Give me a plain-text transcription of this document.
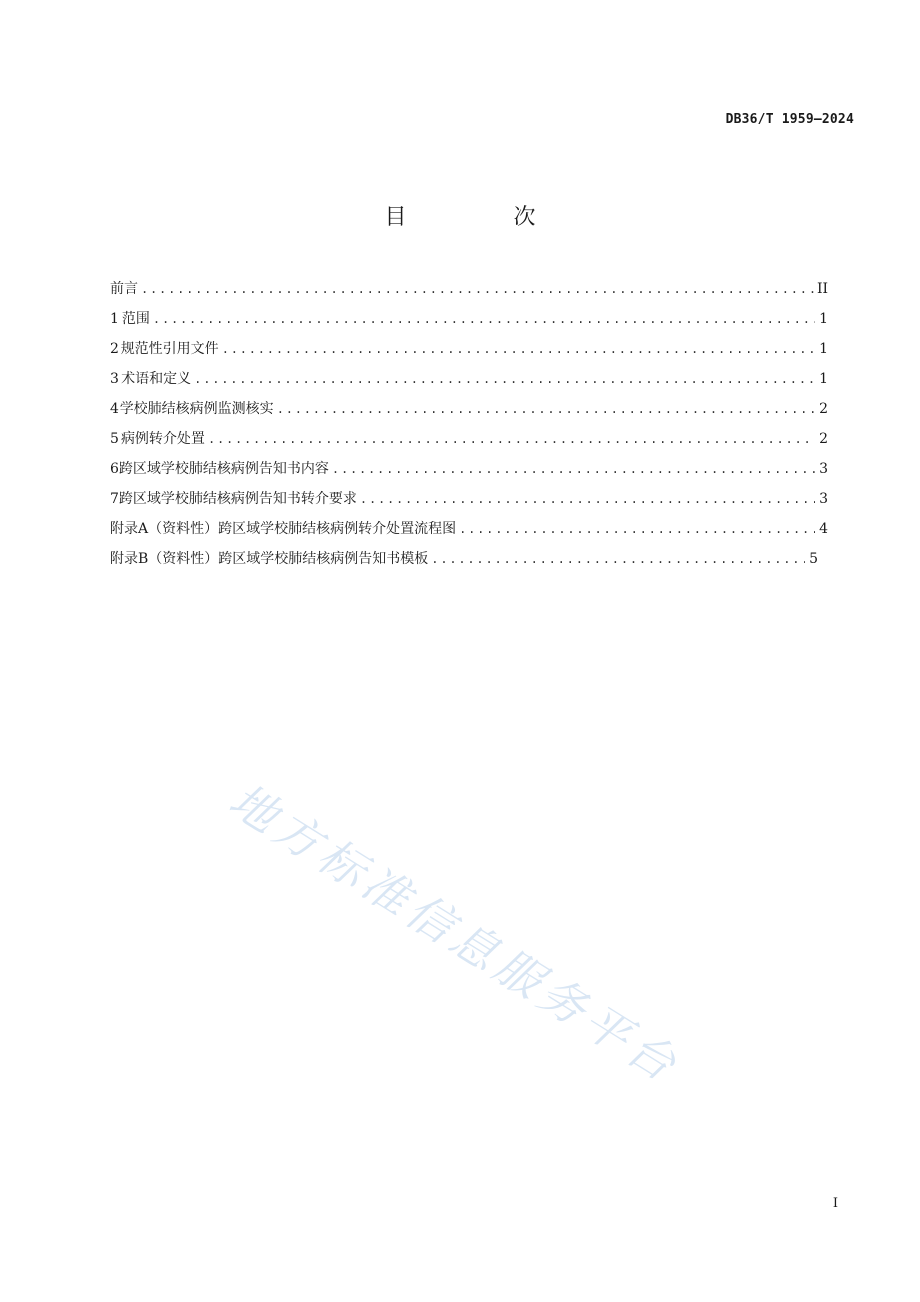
DB36/T 1959—2024
目 次
前言 .....	II
1 范围 .....	1
2 规范性引用文件 .....	1
3 术语和定义 .....	1
4 学校肺结核病例监测核实 .....	2
5 病例转介处置 .....	2
6 跨区域学校肺结核病例告知书内容 .....	3
7 跨区域学校肺结核病例告知书转介要求 .....	3
附录A（资料性）跨区域学校肺结核病例转介处置流程图 .....	4
附录B（资料性）跨区域学校肺结核病例告知书模板 .....	5
地方标准信息服务平台
I
